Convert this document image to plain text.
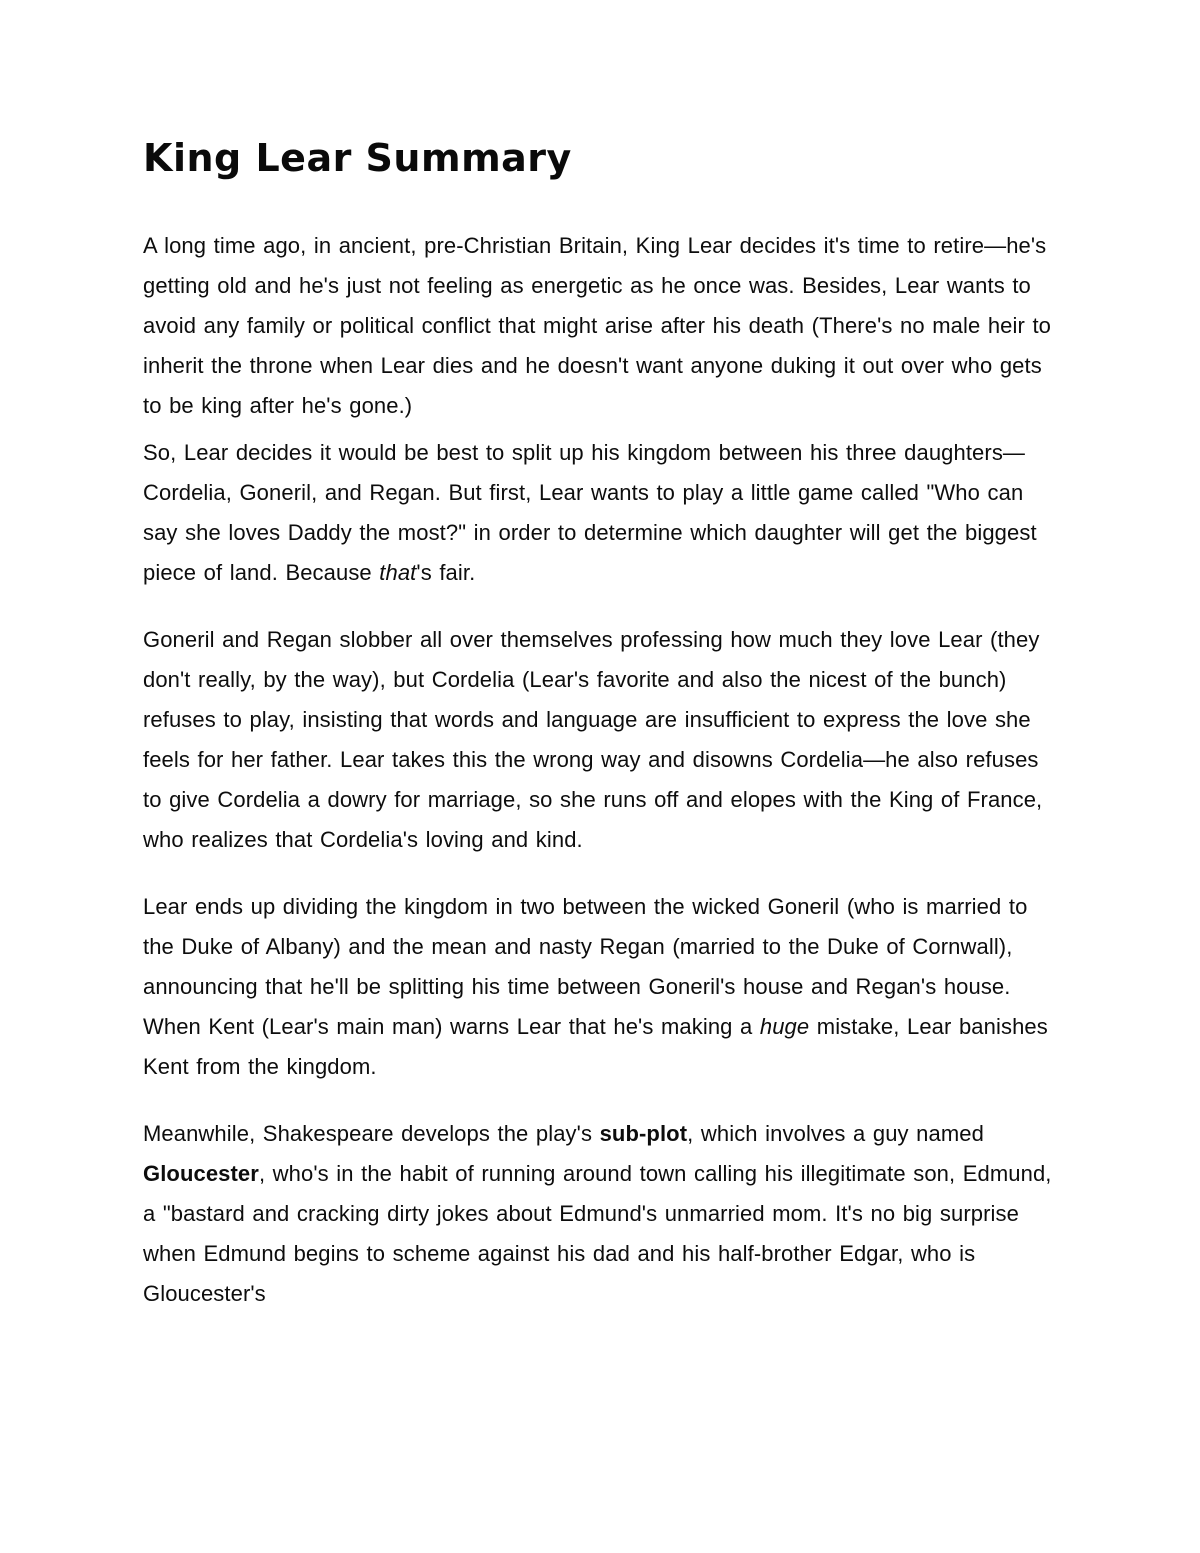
King Lear Summary

A long time ago, in ancient, pre-Christian Britain, King Lear decides it's time to retire—he's getting old and he's just not feeling as energetic as he once was. Besides, Lear wants to avoid any family or political conflict that might arise after his death (There's no male heir to inherit the throne when Lear dies and he doesn't want anyone duking it out over who gets to be king after he's gone.)

So, Lear decides it would be best to split up his kingdom between his three daughters—Cordelia, Goneril, and Regan. But first, Lear wants to play a little game called "Who can say she loves Daddy the most?" in order to determine which daughter will get the biggest piece of land. Because that's fair.

Goneril and Regan slobber all over themselves professing how much they love Lear (they don't really, by the way), but Cordelia (Lear's favorite and also the nicest of the bunch) refuses to play, insisting that words and language are insufficient to express the love she feels for her father. Lear takes this the wrong way and disowns Cordelia—he also refuses to give Cordelia a dowry for marriage, so she runs off and elopes with the King of France, who realizes that Cordelia's loving and kind.

Lear ends up dividing the kingdom in two between the wicked Goneril (who is married to the Duke of Albany) and the mean and nasty Regan (married to the Duke of Cornwall), announcing that he'll be splitting his time between Goneril's house and Regan's house. When Kent (Lear's main man) warns Lear that he's making a huge mistake, Lear banishes Kent from the kingdom.

Meanwhile, Shakespeare develops the play's sub-plot, which involves a guy named Gloucester, who's in the habit of running around town calling his illegitimate son, Edmund, a "bastard and cracking dirty jokes about Edmund's unmarried mom. It's no big surprise when Edmund begins to scheme against his dad and his half-brother Edgar, who is Gloucester's
